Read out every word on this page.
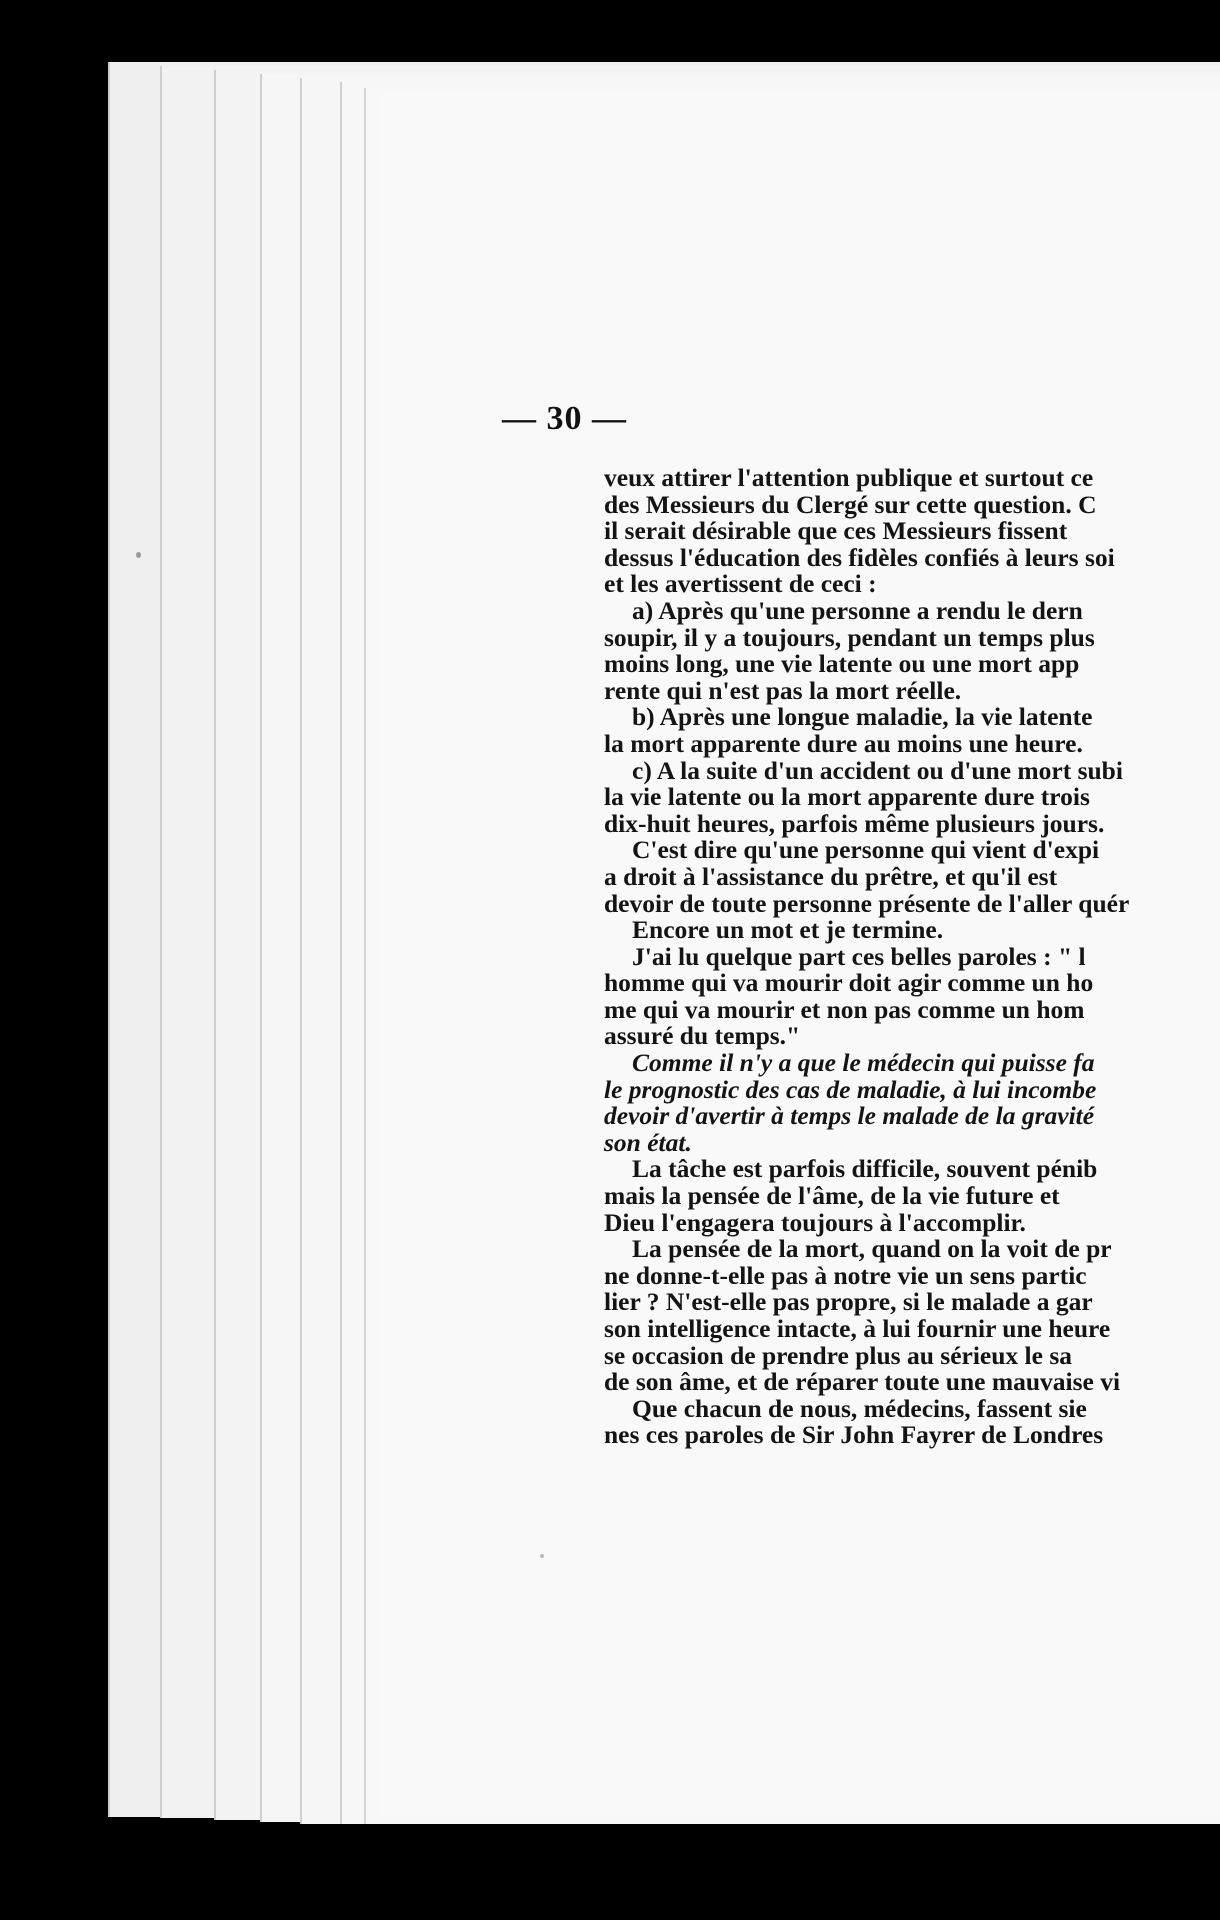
— 30 —

veux attirer l'attention publique et surtout ce

des Messieurs du Clergé sur cette question. C

il serait désirable que ces Messieurs fissent

dessus l'éducation des fidèles confiés à leurs soi

et les avertissent de ceci :

a) Après qu'une personne a rendu le dern

soupir, il y a toujours, pendant un temps plus

moins long, une vie latente ou une mort app

rente qui n'est pas la mort réelle.

b) Après une longue maladie, la vie latente

la mort apparente dure au moins une heure.

c) A la suite d'un accident ou d'une mort subi

la vie latente ou la mort apparente dure trois

dix-huit heures, parfois même plusieurs jours.

C'est dire qu'une personne qui vient d'expi

a droit à l'assistance du prêtre, et qu'il est

devoir de toute personne présente de l'aller quér

Encore un mot et je termine.

J'ai lu quelque part ces belles paroles : " l

homme qui va mourir doit agir comme un ho

me qui va mourir et non pas comme un hom

assuré du temps."

Comme il n'y a que le médecin qui puisse fa

le prognostic des cas de maladie, à lui incombe

devoir d'avertir à temps le malade de la gravité

son état.

La tâche est parfois difficile, souvent pénib

mais la pensée de l'âme, de la vie future et

Dieu l'engagera toujours à l'accomplir.

La pensée de la mort, quand on la voit de pr

ne donne-t-elle pas à notre vie un sens partic

lier ? N'est-elle pas propre, si le malade a gar

son intelligence intacte, à lui fournir une heure

se occasion de prendre plus au sérieux le sa

de son âme, et de réparer toute une mauvaise vi

Que chacun de nous, médecins, fassent sie

nes ces paroles de Sir John Fayrer de Londres
